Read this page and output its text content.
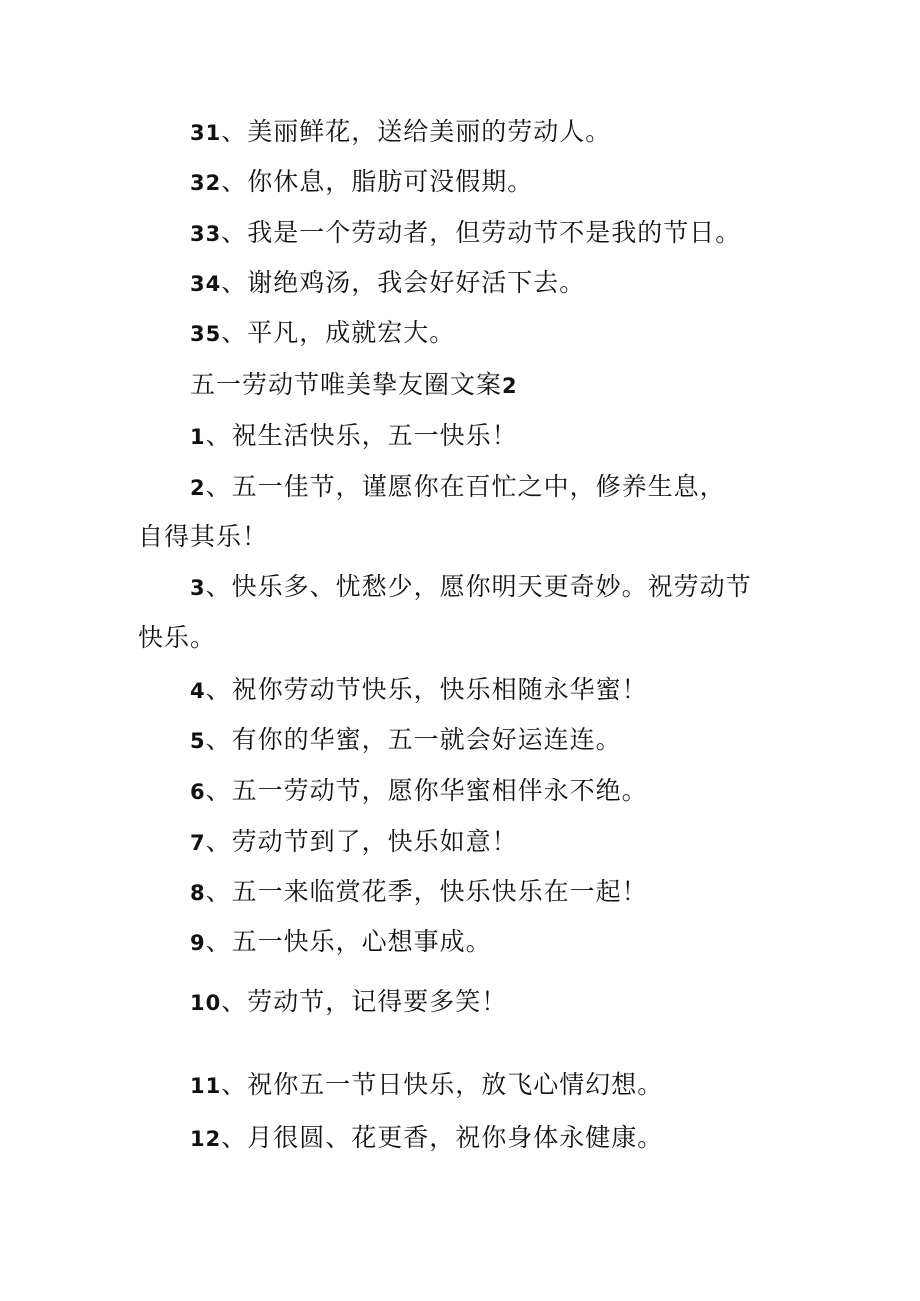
31、美丽鲜花，送给美丽的劳动人。
32、你休息，脂肪可没假期。
33、我是一个劳动者，但劳动节不是我的节日。
34、谢绝鸡汤，我会好好活下去。
35、平凡，成就宏大。
五一劳动节唯美挚友圈文案2
1、祝生活快乐，五一快乐！
2、五一佳节，谨愿你在百忙之中，修养生息，
自得其乐！
3、快乐多、忧愁少，愿你明天更奇妙。祝劳动节
快乐。
4、祝你劳动节快乐，快乐相随永华蜜！
5、有你的华蜜，五一就会好运连连。
6、五一劳动节，愿你华蜜相伴永不绝。
7、劳动节到了，快乐如意！
8、五一来临赏花季，快乐快乐在一起！
9、五一快乐，心想事成。
10、劳动节，记得要多笑！
11、祝你五一节日快乐，放飞心情幻想。
12、月很圆、花更香，祝你身体永健康。
